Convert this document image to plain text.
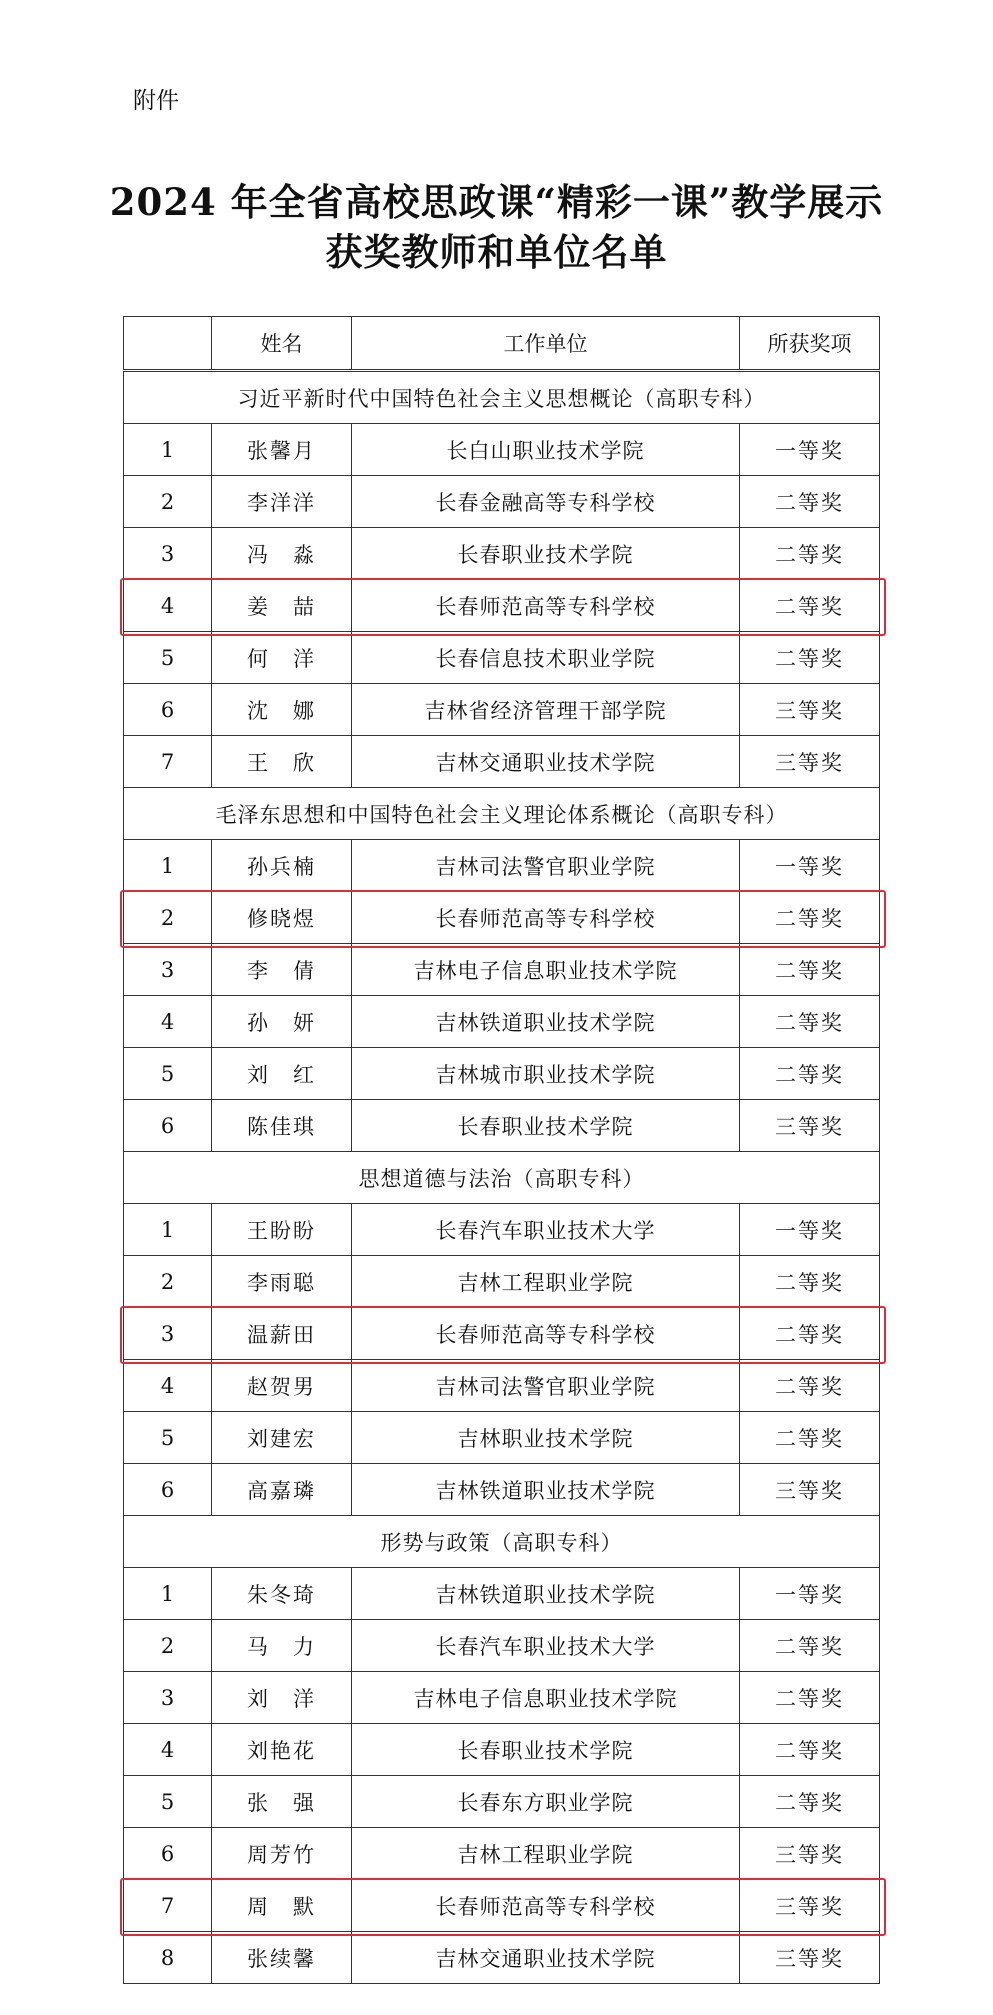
附件
2024 年全省高校思政课“精彩一课”教学展示
获奖教师和单位名单
	姓名	工作单位	所获奖项
习近平新时代中国特色社会主义思想概论（高职专科）			
1	张馨月	长白山职业技术学院	一等奖
2	李洋洋	长春金融高等专科学校	二等奖
3	冯　淼	长春职业技术学院	二等奖
4	姜　喆	长春师范高等专科学校	二等奖
5	何　洋	长春信息技术职业学院	二等奖
6	沈　娜	吉林省经济管理干部学院	三等奖
7	王　欣	吉林交通职业技术学院	三等奖
毛泽东思想和中国特色社会主义理论体系概论（高职专科）			
1	孙兵楠	吉林司法警官职业学院	一等奖
2	修晓煜	长春师范高等专科学校	二等奖
3	李　倩	吉林电子信息职业技术学院	二等奖
4	孙　妍	吉林铁道职业技术学院	二等奖
5	刘　红	吉林城市职业技术学院	二等奖
6	陈佳琪	长春职业技术学院	三等奖
思想道德与法治（高职专科）			
1	王盼盼	长春汽车职业技术大学	一等奖
2	李雨聪	吉林工程职业学院	二等奖
3	温薪田	长春师范高等专科学校	二等奖
4	赵贺男	吉林司法警官职业学院	二等奖
5	刘建宏	吉林职业技术学院	二等奖
6	高嘉璘	吉林铁道职业技术学院	三等奖
形势与政策（高职专科）			
1	朱冬琦	吉林铁道职业技术学院	一等奖
2	马　力	长春汽车职业技术大学	二等奖
3	刘　洋	吉林电子信息职业技术学院	二等奖
4	刘艳花	长春职业技术学院	二等奖
5	张　强	长春东方职业学院	二等奖
6	周芳竹	吉林工程职业学院	三等奖
7	周　默	长春师范高等专科学校	三等奖
8	张续馨	吉林交通职业技术学院	三等奖
